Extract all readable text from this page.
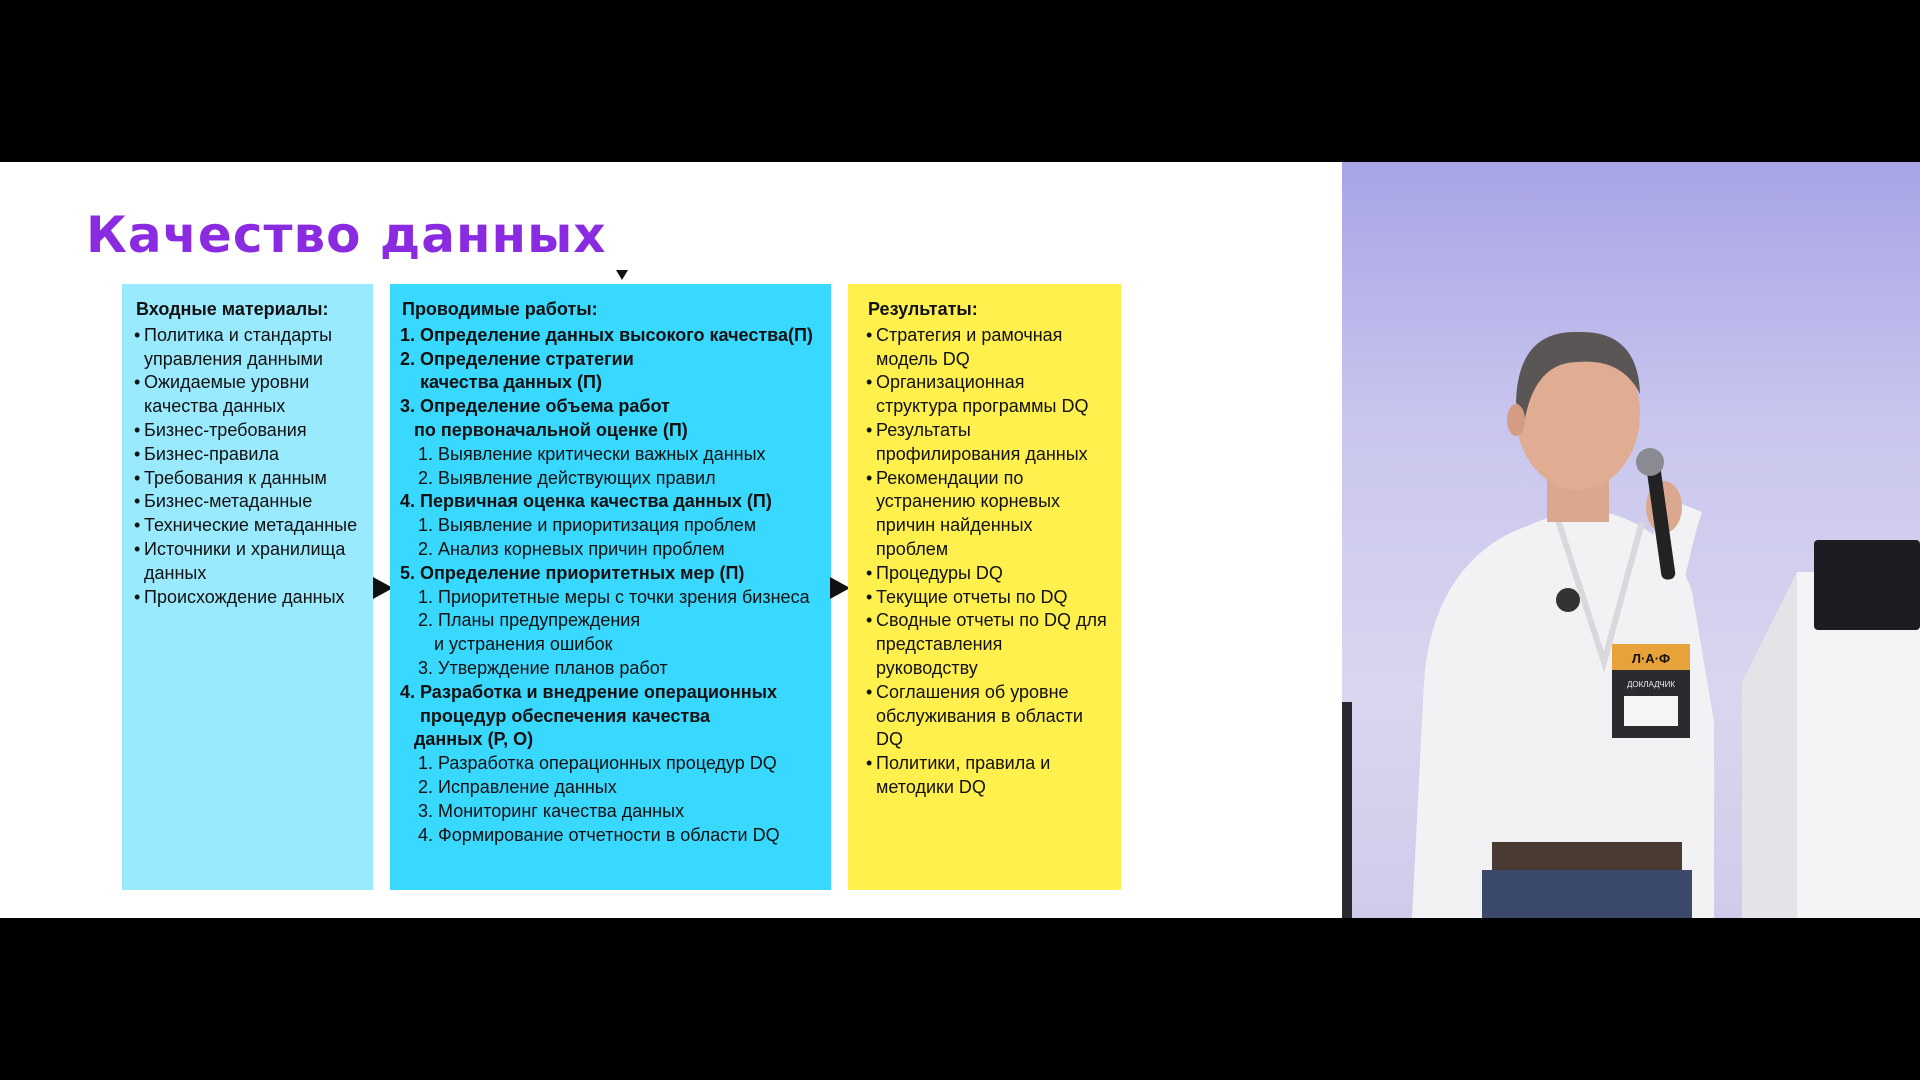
Качество данных
Входные материалы:
• Политика и стандарты управления данными
• Ожидаемые уровни качества данных
• Бизнес-требования
• Бизнес-правила
• Требования к данным
• Бизнес-метаданные
• Технические метаданные
• Источники и хранилища данных
• Происхождение данных
Проводимые работы:
1. Определение данных высокого качества(П)
2. Определение стратегии
качества данных (П)
3. Определение объема работ
по первоначальной оценке (П)
1. Выявление критически важных данных
2. Выявление действующих правил
4. Первичная оценка качества данных (П)
1. Выявление и приоритизация проблем
2. Анализ корневых причин проблем
5. Определение приоритетных мер (П)
1. Приоритетные меры с точки зрения бизнеса
2. Планы предупреждения
и устранения ошибок
3. Утверждение планов работ
4. Разработка и внедрение операционных
процедур обеспечения качества
данных (Р, О)
1. Разработка операционных процедур DQ
2. Исправление данных
3. Мониторинг качества данных
4. Формирование отчетности в области DQ
Результаты:
• Стратегия и рамочная модель DQ
• Организационная структура программы DQ
• Результаты профилирования данных
• Рекомендации по устранению корневых причин найденных проблем
• Процедуры DQ
• Текущие отчеты по DQ
• Сводные отчеты по DQ для представления руководству
• Соглашения об уровне обслуживания в области DQ
• Политики, правила и методики DQ
Л·А·Ф
ДОКЛАДЧИК
